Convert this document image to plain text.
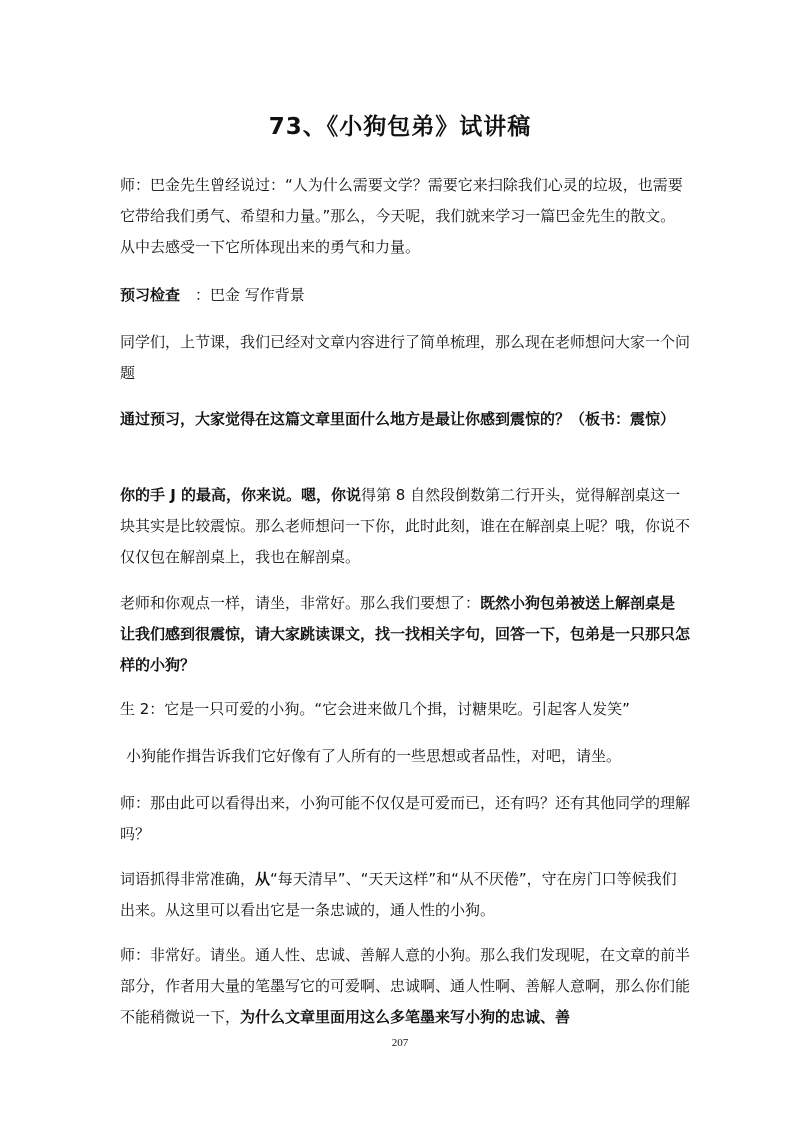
73、《小狗包弟》试讲稿

师：巴金先生曾经说过：“人为什么需要文学？需要它来扫除我们心灵的垃圾，也需要它带给我们勇气、希望和力量。”那么，今天呢，我们就来学习一篇巴金先生的散文。从中去感受一下它所体现出来的勇气和力量。

预习检查　：巴金 写作背景

同学们，上节课，我们已经对文章内容进行了简单梳理，那么现在老师想问大家一个问题

通过预习，大家觉得在这篇文章里面什么地方是最让你感到震惊的？（板书：震惊）

你的手 J 的最高，你来说。嗯，你说得第 8 自然段倒数第二行开头，觉得解剖桌这一块其实是比较震惊。那么老师想问一下你，此时此刻，谁在在解剖桌上呢？哦，你说不仅仅包在解剖桌上，我也在解剖桌。

老师和你观点一样，请坐，非常好。那么我们要想了：既然小狗包弟被送上解剖桌是让我们感到很震惊，请大家跳读课文，找一找相关字句，回答一下，包弟是一只那只怎样的小狗？

生 2：它是一只可爱的小狗。“它会进来做几个揖，讨糖果吃。引起客人发笑”

小狗能作揖告诉我们它好像有了人所有的一些思想或者品性，对吧，请坐。

师：那由此可以看得出来，小狗可能不仅仅是可爱而已，还有吗？还有其他同学的理解吗？

词语抓得非常准确，从“每天清早”、“天天这样”和“从不厌倦”，守在房门口等候我们出来。从这里可以看出它是一条忠诚的，通人性的小狗。

师：非常好。请坐。通人性、忠诚、善解人意的小狗。那么我们发现呢，在文章的前半部分，作者用大量的笔墨写它的可爱啊、忠诚啊、通人性啊、善解人意啊，那么你们能不能稍微说一下，为什么文章里面用这么多笔墨来写小狗的忠诚、善

207
